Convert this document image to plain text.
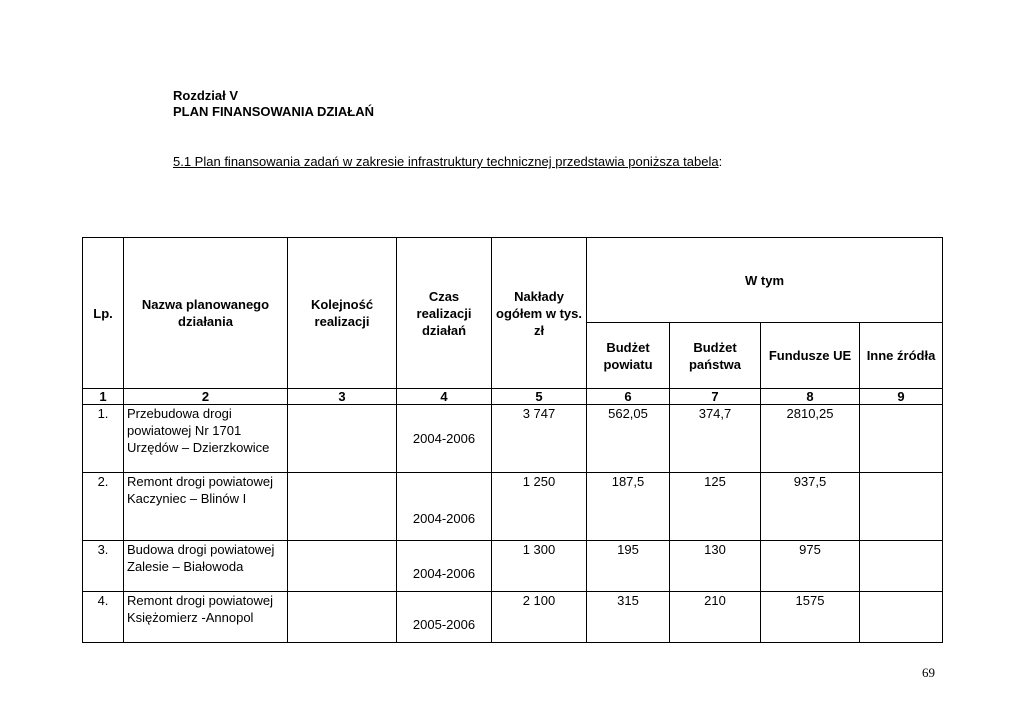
Rozdział V
PLAN FINANSOWANIA DZIAŁAŃ
5.1 Plan finansowania zadań w zakresie infrastruktury technicznej przedstawia poniższa tabela:
Lp.	Nazwa planowanego działania	Kolejność realizacji	Czas realizacji działań	Nakłady ogółem w tys. zł	W tym			
					Budżet powiatu	Budżet państwa	Fundusze UE	Inne źródła
1	2	3	4	5	6	7	8	9
1.	Przebudowa drogi powiatowej Nr 1701 Urzędów – Dzierzkowice		2004-2006	3 747	562,05	374,7	2810,25	
2.	Remont drogi powiatowej Kaczyniec – Blinów I		2004-2006	1 250	187,5	125	937,5	
3.	Budowa drogi powiatowej Zalesie – Białowoda		2004-2006	1 300	195	130	975	
4.	Remont drogi powiatowej Księżomierz -Annopol		2005-2006	2 100	315	210	1575	
69
